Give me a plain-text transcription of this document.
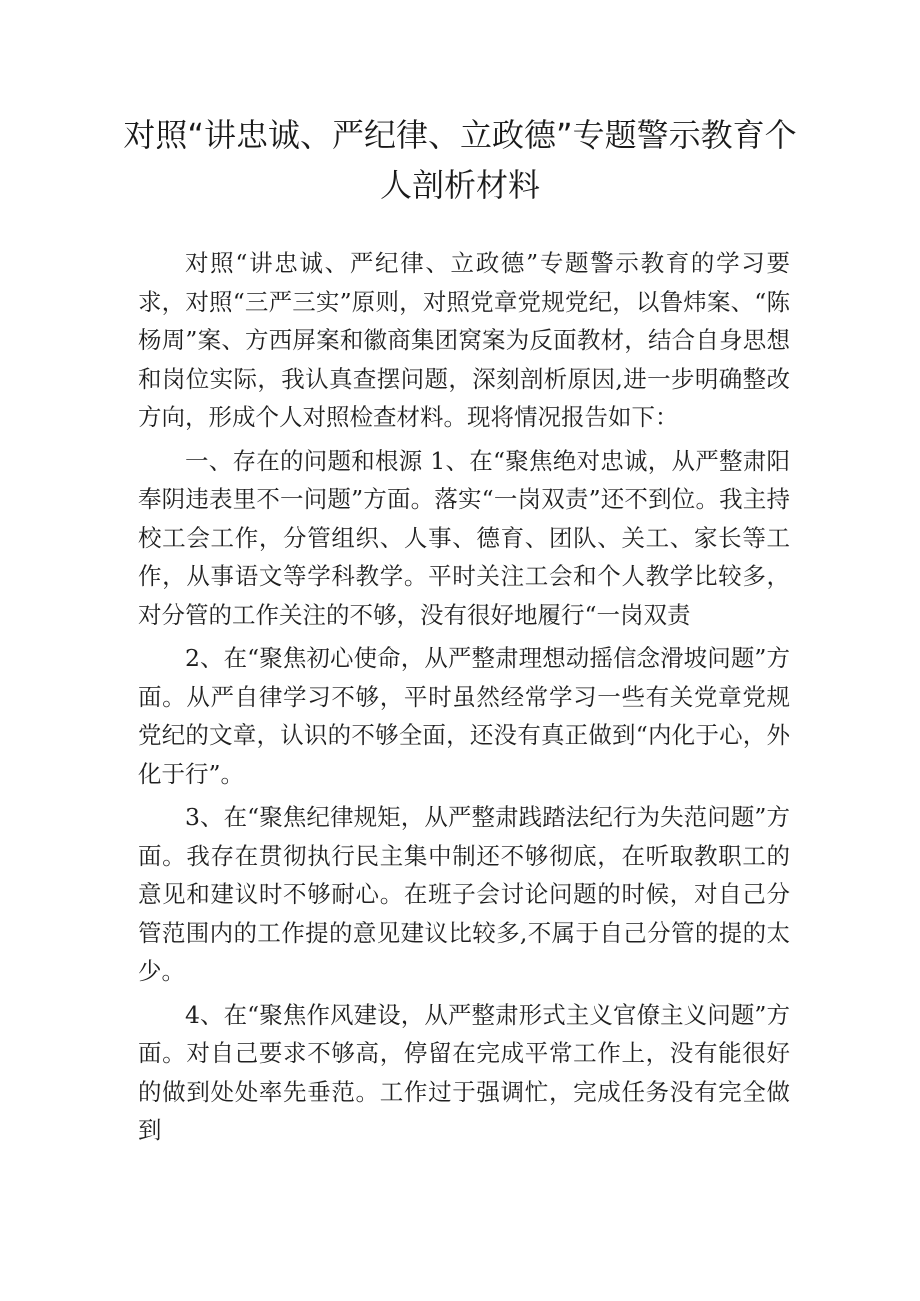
对照“讲忠诚、严纪律、立政德”专题警示教育个人剖析材料

对照“讲忠诚、严纪律、立政德”专题警示教育的学习要求，对照“三严三实”原则，对照党章党规党纪，以鲁炜案、“陈杨周”案、方西屏案和徽商集团窝案为反面教材，结合自身思想和岗位实际，我认真查摆问题，深刻剖析原因,进一步明确整改方向，形成个人对照检查材料。现将情况报告如下：

一、存在的问题和根源 1、在“聚焦绝对忠诚，从严整肃阳奉阴违表里不一问题”方面。落实“一岗双责”还不到位。我主持校工会工作，分管组织、人事、德育、团队、关工、家长等工作，从事语文等学科教学。平时关注工会和个人教学比较多，对分管的工作关注的不够，没有很好地履行“一岗双责

2、在“聚焦初心使命，从严整肃理想动摇信念滑坡问题”方面。从严自律学习不够，平时虽然经常学习一些有关党章党规党纪的文章，认识的不够全面，还没有真正做到“内化于心，外化于行”。

3、在“聚焦纪律规矩，从严整肃践踏法纪行为失范问题”方面。我存在贯彻执行民主集中制还不够彻底，在听取教职工的意见和建议时不够耐心。在班子会讨论问题的时候，对自己分管范围内的工作提的意见建议比较多,不属于自己分管的提的太少。

4、在“聚焦作风建设，从严整肃形式主义官僚主义问题”方面。对自己要求不够高，停留在完成平常工作上，没有能很好的做到处处率先垂范。工作过于强调忙，完成任务没有完全做到
